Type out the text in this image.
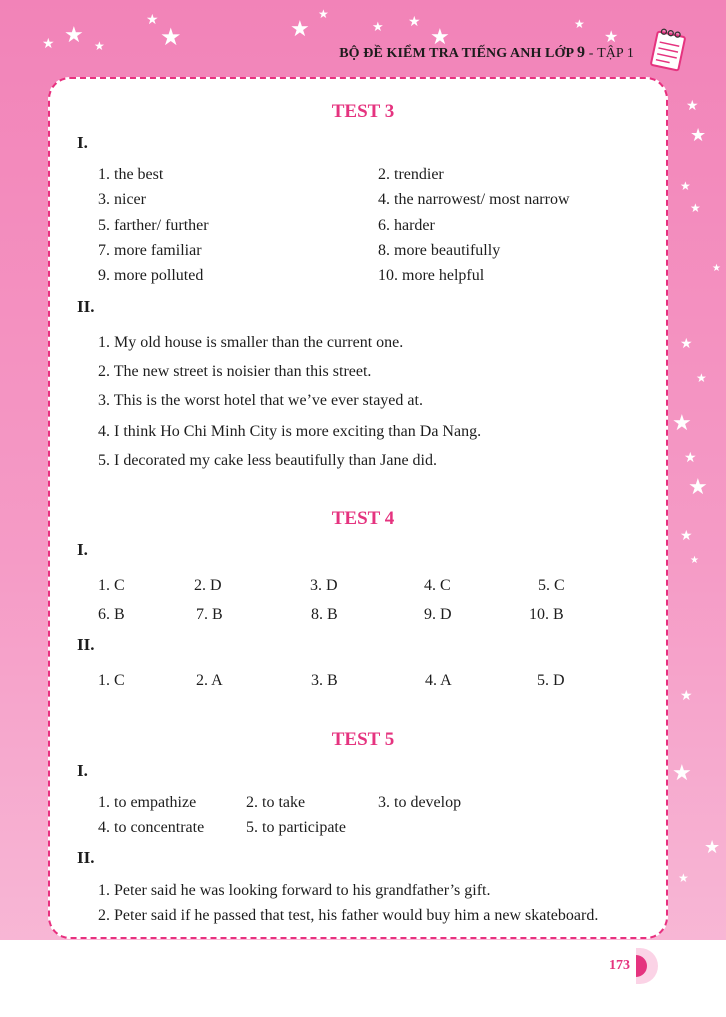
★ ★ ★
★
★	★
★
★ ★
★	★
★
★
★
★
★
★
★
★
★
★
★
★
★
★
★
★
★
BỘ ĐỀ KIỂM TRA TIẾNG ANH LỚP 9 - TẬP 1
TEST 3
I.
1. the best	2. trendier
3. nicer	4. the narrowest/ most narrow
5. farther/ further	6. harder
7. more familiar	8. more beautifully
9. more polluted	10. more helpful
II.
1. My old house is smaller than the current one.
2. The new street is noisier than this street.
3. This is the worst hotel that we’ve ever stayed at.
4. I think Ho Chi Minh City is more exciting than Da Nang.
5. I decorated my cake less beautifully than Jane did.
TEST 4
I.
1. C	2. D	3. D	4. C	5. C
6. B	7. B	8. B	9. D	10. B
II.
1. C	2. A	3. B	4. A	5. D
TEST 5
I.
1. to empathize	2. to take	3. to develop
4. to concentrate	5. to participate
II.
1. Peter said he was looking forward to his grandfather’s gift.
2. Peter said if he passed that test, his father would buy him a new skateboard.
173
